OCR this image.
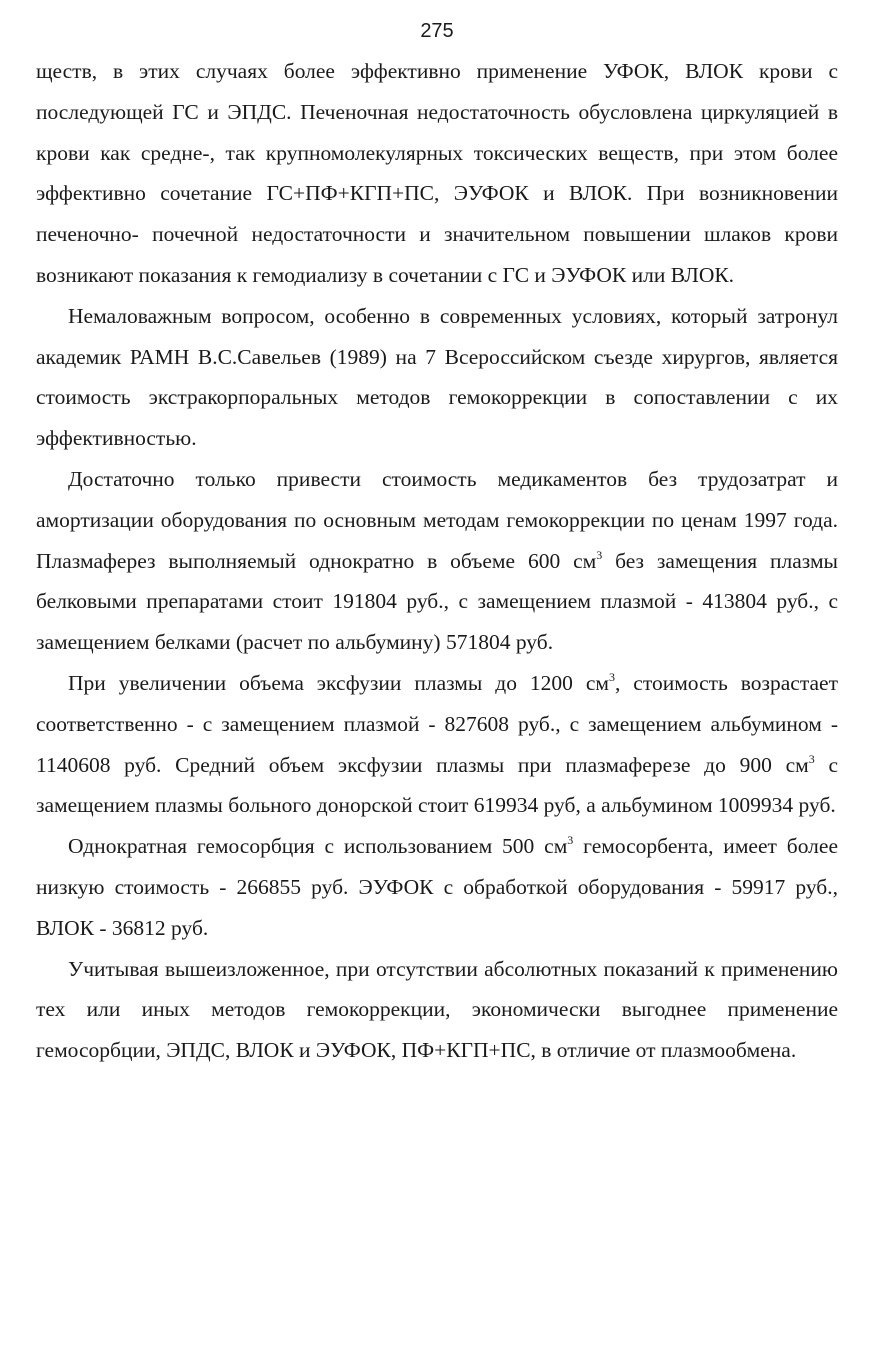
275

ществ, в этих случаях более эффективно применение УФОК, ВЛОК крови с последующей ГС и ЭПДС. Печеночная недостаточность обусловлена циркуляцией в крови как средне-, так крупномолекулярных токсических веществ, при этом более эффективно сочетание ГС+ПФ+КГП+ПС, ЭУФОК и ВЛОК. При возникновении печеночно- почечной недостаточности и значительном повышении шлаков крови возникают показания к гемодиализу в сочетании с ГС и ЭУФОК или ВЛОК.

Немаловажным вопросом, особенно в современных условиях, который затронул академик РАМН В.С.Савельев (1989) на 7 Всероссийском съезде хирургов, является стоимость экстракорпоральных методов гемокоррекции в сопоставлении с их эффективностью.

Достаточно только привести стоимость медикаментов без трудозатрат и амортизации оборудования по основным методам гемокоррекции по ценам 1997 года. Плазмаферез выполняемый однократно в объеме 600 $см^3$ без замещения плазмы белковыми препаратами стоит 191804 руб., с замещением плазмой - 413804 руб., с замещением белками (расчет по альбумину) 571804 руб.

При увеличении объема эксфузии плазмы до 1200 $см^3$, стоимость возрастает соответственно - с замещением плазмой - 827608 руб., с замещением альбумином - 1140608 руб. Средний объем эксфузии плазмы при плазмаферезе до 900 $см^3$ с замещением плазмы больного донорской стоит 619934 руб, а альбумином 1009934 руб.

Однократная гемосорбция с использованием 500 $см^3$ гемосорбента, имеет более низкую стоимость - 266855 руб. ЭУФОК с обработкой оборудования - 59917 руб., ВЛОК - 36812 руб.

Учитывая вышеизложенное, при отсутствии абсолютных показаний к применению тех или иных методов гемокоррекции, экономически выгоднее применение гемосорбции, ЭПДС, ВЛОК и ЭУФОК, ПФ+КГП+ПС, в отличие от плазмообмена.
